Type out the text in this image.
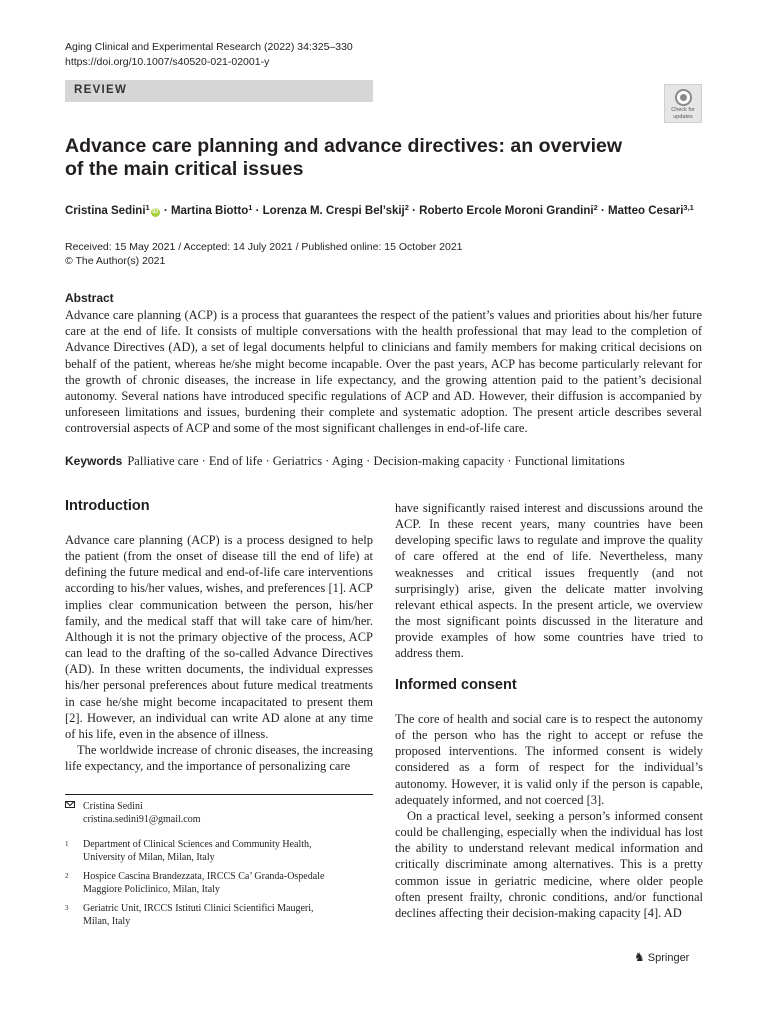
Aging Clinical and Experimental Research (2022) 34:325–330
https://doi.org/10.1007/s40520-021-02001-y
REVIEW
Check for
updates
Advance care planning and advance directives: an overview of the main critical issues
Cristina Sedini$^1$ iD · Martina Biotto$^1$ · Lorenza M. Crespi Bel’skij$^2$ · Roberto Ercole Moroni Grandini$^2$ · Matteo Cesari$^{3,1}$
Received: 15 May 2021 / Accepted: 14 July 2021 / Published online: 15 October 2021
© The Author(s) 2021
Abstract
Advance care planning (ACP) is a process that guarantees the respect of the patient’s values and priorities about his/her future care at the end of life. It consists of multiple conversations with the health professional that may lead to the completion of Advance Directives (AD), a set of legal documents helpful to clinicians and family members for making critical decisions on behalf of the patient, whereas he/she might become incapable. Over the past years, ACP has become particularly relevant for the growth of chronic diseases, the increase in life expectancy, and the growing attention paid to the patient’s decisional autonomy. Several nations have introduced specific regulations of ACP and AD. However, their diffusion is accompanied by unforeseen limitations and issues, burdening their complete and systematic adoption. The present article describes several controversial aspects of ACP and some of the most significant challenges in end-of-life care.
Keywords Palliative care · End of life · Geriatrics · Aging · Decision-making capacity · Functional limitations
Introduction

Advance care planning (ACP) is a process designed to help the patient (from the onset of disease till the end of life) at defining the future medical and end-of-life care interventions according to his/her values, wishes, and preferences [1]. ACP implies clear communication between the person, his/her family, and the medical staff that will take care of him/her. Although it is not the primary objective of the process, ACP can lead to the drafting of the so-called Advance Directives (AD). In these written documents, the individual expresses his/her personal preferences about future medical treatments in case he/she might become incapacitated to present them [2]. However, an individual can write AD alone at any time of his life, even in the absence of illness.

The worldwide increase of chronic diseases, the increasing life expectancy, and the importance of personalizing care

Cristina Sedini
cristina.sedini91@gmail.com
1 Department of Clinical Sciences and Community Health,
University of Milan, Milan, Italy
2 Hospice Cascina Brandezzata, IRCCS Ca’ Granda-Ospedale
Maggiore Policlinico, Milan, Italy
3 Geriatric Unit, IRCCS Istituti Clinici Scientifici Maugeri,
Milan, Italy

have significantly raised interest and discussions around the ACP. In these recent years, many countries have been developing specific laws to regulate and improve the quality of care offered at the end of life. Nevertheless, many weaknesses and critical issues frequently (and not surprisingly) arise, given the delicate matter involving relevant ethical aspects. In the present article, we overview the most significant points discussed in the literature and provide examples of how some countries have tried to address them.

Informed consent

The core of health and social care is to respect the autonomy of the person who has the right to accept or refuse the proposed interventions. The informed consent is widely considered as a form of respect for the individual’s autonomy. However, it is valid only if the person is capable, adequately informed, and not coerced [3].

On a practical level, seeking a person’s informed consent could be challenging, especially when the individual has lost the ability to understand relevant medical information and critically discriminate among alternatives. This is a pretty common issue in geriatric medicine, where older people often present frailty, chronic conditions, and/or functional declines affecting their decision-making capacity [4]. AD

♞ Springer
